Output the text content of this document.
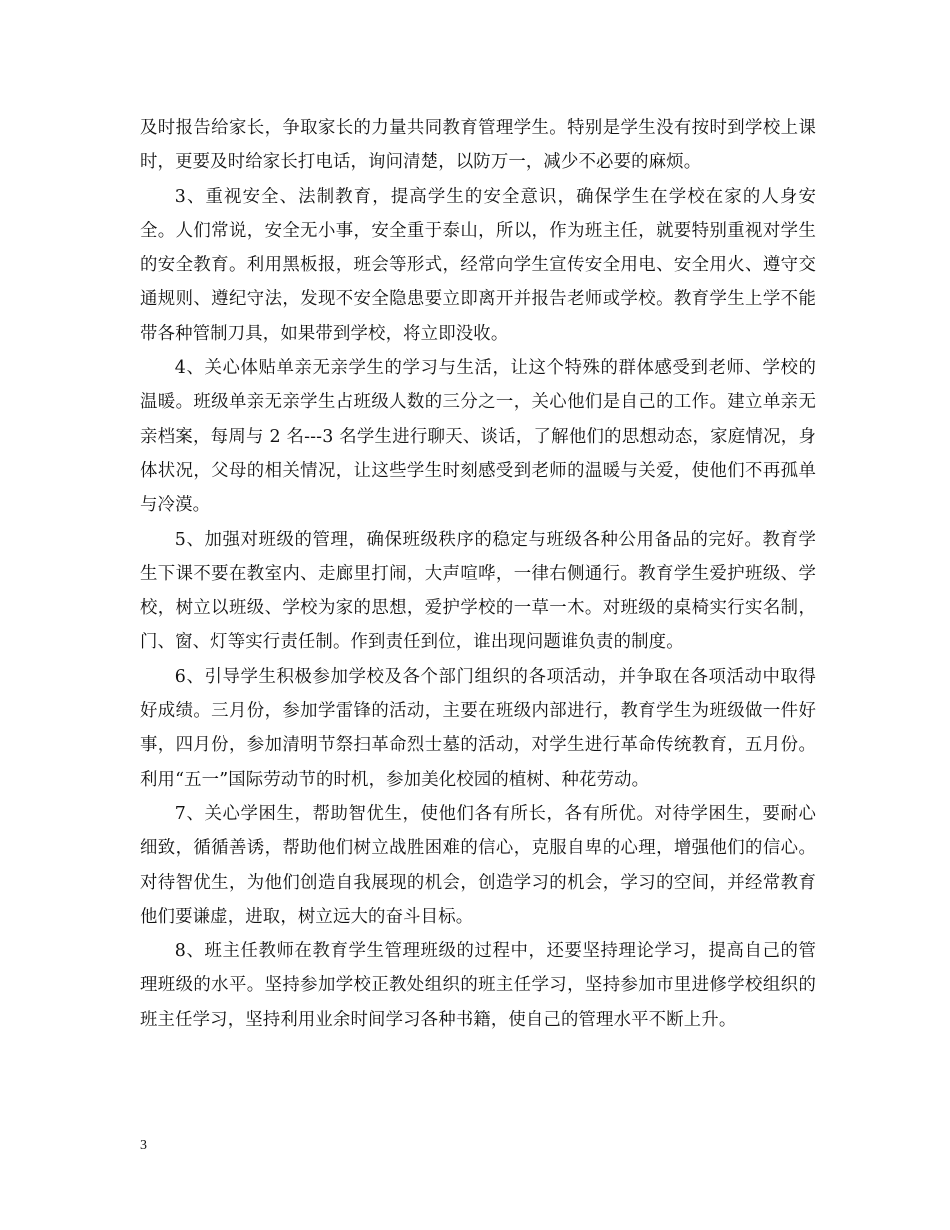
及时报告给家长，争取家长的力量共同教育管理学生。特别是学生没有按时到学校上课时，更要及时给家长打电话，询问清楚，以防万一，减少不必要的麻烦。

3、重视安全、法制教育，提高学生的安全意识，确保学生在学校在家的人身安全。人们常说，安全无小事，安全重于泰山，所以，作为班主任，就要特别重视对学生的安全教育。利用黑板报，班会等形式，经常向学生宣传安全用电、安全用火、遵守交通规则、遵纪守法，发现不安全隐患要立即离开并报告老师或学校。教育学生上学不能带各种管制刀具，如果带到学校，将立即没收。

4、关心体贴单亲无亲学生的学习与生活，让这个特殊的群体感受到老师、学校的温暖。班级单亲无亲学生占班级人数的三分之一，关心他们是自己的工作。建立单亲无亲档案，每周与 2 名---3 名学生进行聊天、谈话，了解他们的思想动态，家庭情况，身体状况，父母的相关情况，让这些学生时刻感受到老师的温暖与关爱，使他们不再孤单与冷漠。

5、加强对班级的管理，确保班级秩序的稳定与班级各种公用备品的完好。教育学生下课不要在教室内、走廊里打闹，大声喧哗，一律右侧通行。教育学生爱护班级、学校，树立以班级、学校为家的思想，爱护学校的一草一木。对班级的桌椅实行实名制，门、窗、灯等实行责任制。作到责任到位，谁出现问题谁负责的制度。

6、引导学生积极参加学校及各个部门组织的各项活动，并争取在各项活动中取得好成绩。三月份，参加学雷锋的活动，主要在班级内部进行，教育学生为班级做一件好事，四月份，参加清明节祭扫革命烈士墓的活动，对学生进行革命传统教育，五月份。利用“五一”国际劳动节的时机，参加美化校园的植树、种花劳动。

7、关心学困生，帮助智优生，使他们各有所长，各有所优。对待学困生，要耐心细致，循循善诱，帮助他们树立战胜困难的信心，克服自卑的心理，增强他们的信心。对待智优生，为他们创造自我展现的机会，创造学习的机会，学习的空间，并经常教育他们要谦虚，进取，树立远大的奋斗目标。

8、班主任教师在教育学生管理班级的过程中，还要坚持理论学习，提高自己的管理班级的水平。坚持参加学校正教处组织的班主任学习，坚持参加市里进修学校组织的班主任学习，坚持利用业余时间学习各种书籍，使自己的管理水平不断上升。

3
